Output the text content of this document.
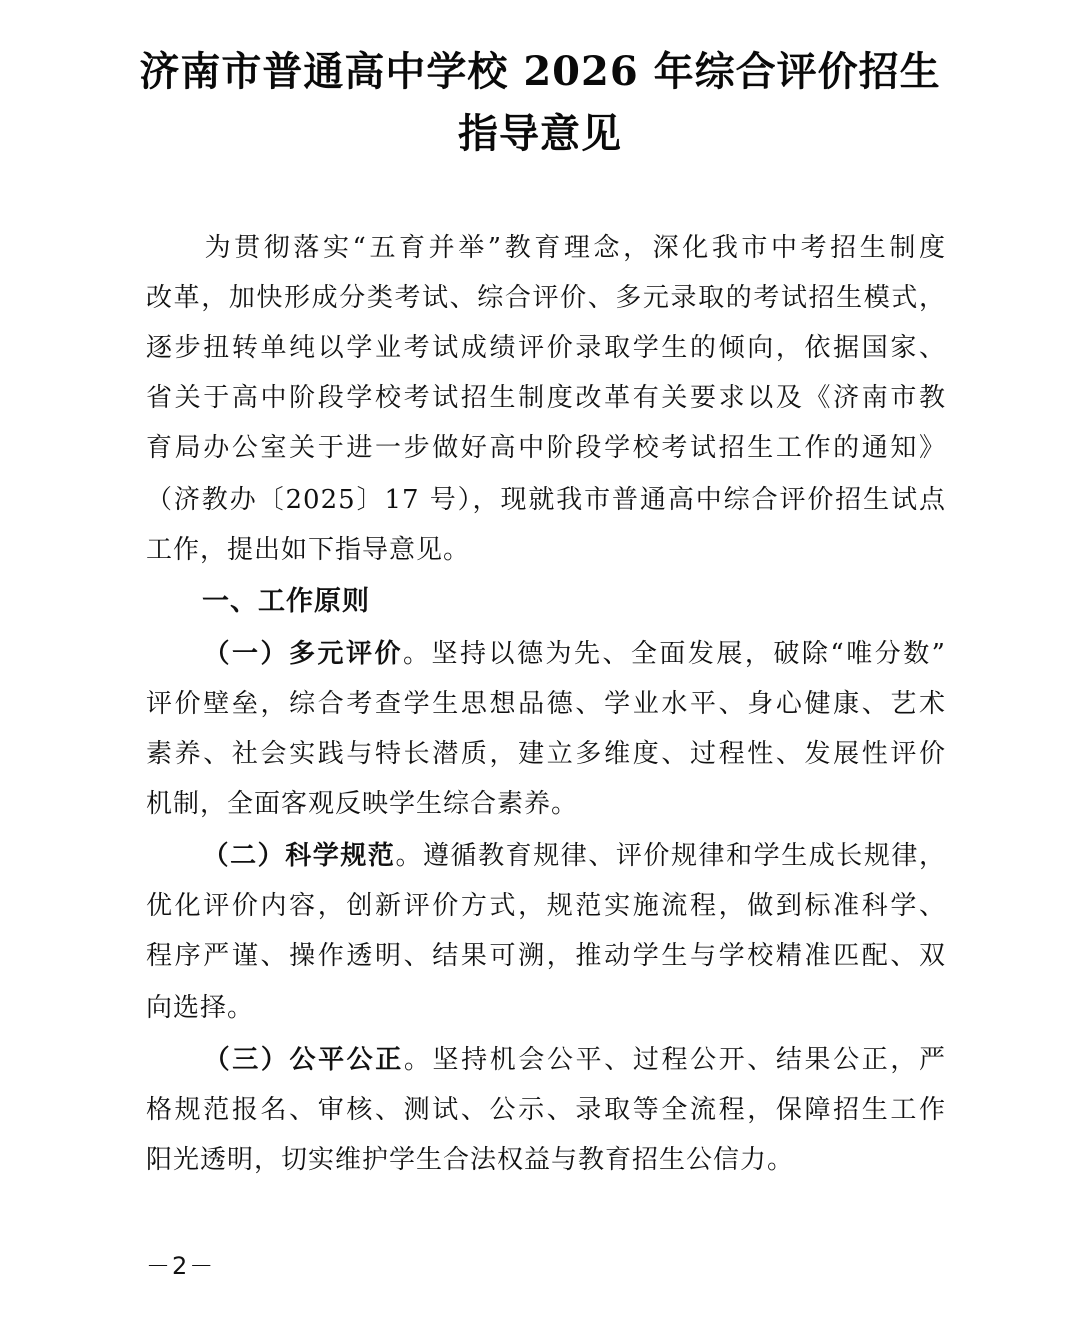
济南市普通高中学校 2026 年综合评价招生
指导意见
为贯彻落实“五育并举”教育理念，深化我市中考招生制度
改革，加快形成分类考试、综合评价、多元录取的考试招生模式，
逐步扭转单纯以学业考试成绩评价录取学生的倾向，依据国家、
省关于高中阶段学校考试招生制度改革有关要求以及《济南市教
育局办公室关于进一步做好高中阶段学校考试招生工作的通知》
（济教办〔2025〕17 号），现就我市普通高中综合评价招生试点
工作，提出如下指导意见。
一、工作原则
（一）多元评价。坚持以德为先、全面发展，破除“唯分数”
评价壁垒，综合考查学生思想品德、学业水平、身心健康、艺术
素养、社会实践与特长潜质，建立多维度、过程性、发展性评价
机制，全面客观反映学生综合素养。
（二）科学规范。遵循教育规律、评价规律和学生成长规律，
优化评价内容，创新评价方式，规范实施流程，做到标准科学、
程序严谨、操作透明、结果可溯，推动学生与学校精准匹配、双
向选择。
（三）公平公正。坚持机会公平、过程公开、结果公正，严
格规范报名、审核、测试、公示、录取等全流程，保障招生工作
阳光透明，切实维护学生合法权益与教育招生公信力。
－2－
